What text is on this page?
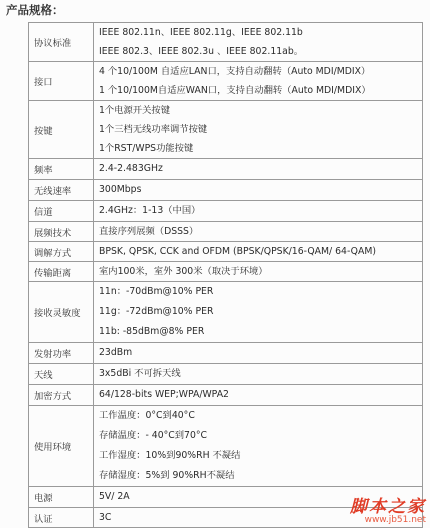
产品规格：
协议标准	IEEE 802.11n、IEEE 802.11g、IEEE 802.11b
IEEE 802.3、IEEE 802.3u 、IEEE 802.11ab。

接口	4 个10/100M 自适应LAN口，支持自动翻转（Auto MDI/MDIX）
1 个10/100M自适应WAN口，支持自动翻转（Auto MDI/MDIX）

按键	1个电源开关按键
1个三档无线功率调节按键
1个RST/WPS功能按键

频率	2.4-2.483GHz

无线速率	300Mbps

信道	2.4GHz：1-13（中国）

展频技术	直接序列展频（DSSS）

调解方式	BPSK, QPSK, CCK and OFDM (BPSK/QPSK/16-QAM/ 64-QAM)

传输距离	室内100米，室外 300米（取决于环境）

接收灵敏度	11n：-70dBm@10% PER
11g：-72dBm@10% PER
11b: -85dBm@8% PER

发射功率	23dBm

天线	3x5dBi 不可拆天线

加密方式	64/128-bits WEP;WPA/WPA2

使用环境	工作温度：0°C到40°C
存储温度：- 40°C到70°C
工作湿度：10%到90%RH 不凝结
存储湿度：5%到 90%RH不凝结

电源	5V/ 2A

认证	3C
脚本之家
www.jb51.net
